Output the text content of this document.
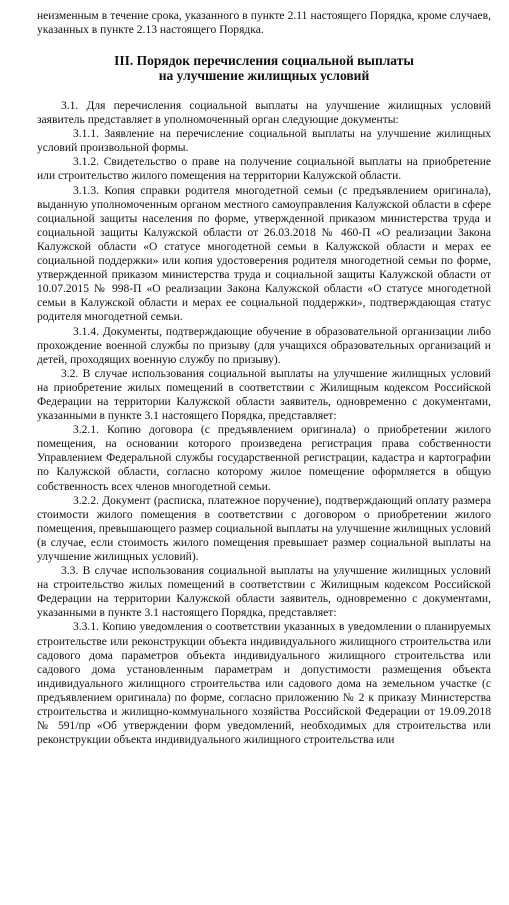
неизменным в течение срока, указанного в пункте 2.11 настоящего Порядка, кроме случаев, указанных в пункте 2.13 настоящего Порядка.

III. Порядок перечисления социальной выплаты
на улучшение жилищных условий

3.1. Для перечисления социальной выплаты на улучшение жилищных условий заявитель представляет в уполномоченный орган следующие документы:

3.1.1. Заявление на перечисление социальной выплаты на улучшение жилищных условий произвольной формы.

3.1.2. Свидетельство о праве на получение социальной выплаты на приобретение или строительство жилого помещения на территории Калужской области.

3.1.3. Копия справки родителя многодетной семьи (с предъявлением оригинала), выданную уполномоченным органом местного самоуправления Калужской области в сфере социальной защиты населения по форме, утвержденной приказом министерства труда и социальной защиты Калужской области от 26.03.2018 № 460-П «О реализации Закона Калужской области «О статусе многодетной семьи в Калужской области и мерах ее социальной поддержки» или копия удостоверения родителя многодетной семьи по форме, утвержденной приказом министерства труда и социальной защиты Калужской области от 10.07.2015 № 998-П «О реализации Закона Калужской области «О статусе многодетной семьи в Калужской области и мерах ее социальной поддержки», подтверждающая статус родителя многодетной семьи.

3.1.4. Документы, подтверждающие обучение в образовательной организации либо прохождение военной службы по призыву (для учащихся образовательных организаций и детей, проходящих военную службу по призыву).

3.2. В случае использования социальной выплаты на улучшение жилищных условий на приобретение жилых помещений в соответствии с Жилищным кодексом Российской Федерации на территории Калужской области заявитель, одновременно с документами, указанными в пункте 3.1 настоящего Порядка, представляет:

3.2.1. Копию договора (с предъявлением оригинала) о приобретении жилого помещения, на основании которого произведена регистрация права собственности Управлением Федеральной службы государственной регистрации, кадастра и картографии по Калужской области, согласно которому жилое помещение оформляется в общую собственность всех членов многодетной семьи.

3.2.2. Документ (расписка, платежное поручение), подтверждающий оплату размера стоимости жилого помещения в соответствии с договором о приобретении жилого помещения, превышающего размер социальной выплаты на улучшение жилищных условий (в случае, если стоимость жилого помещения превышает размер социальной выплаты на улучшение жилищных условий).

3.3. В случае использования социальной выплаты на улучшение жилищных условий на строительство жилых помещений в соответствии с Жилищным кодексом Российской Федерации на территории Калужской области заявитель, одновременно с документами, указанными в пункте 3.1 настоящего Порядка, представляет:

3.3.1. Копию уведомления о соответствии указанных в уведомлении о планируемых строительстве или реконструкции объекта индивидуального жилищного строительства или садового дома параметров объекта индивидуального жилищного строительства или садового дома установленным параметрам и допустимости размещения объекта индивидуального жилищного строительства или садового дома на земельном участке (с предъявлением оригинала) по форме, согласно приложению № 2 к приказу Министерства строительства и жилищно-коммунального хозяйства Российской Федерации от 19.09.2018 № 591/пр «Об утверждении форм уведомлений, необходимых для строительства или реконструкции объекта индивидуального жилищного строительства или
